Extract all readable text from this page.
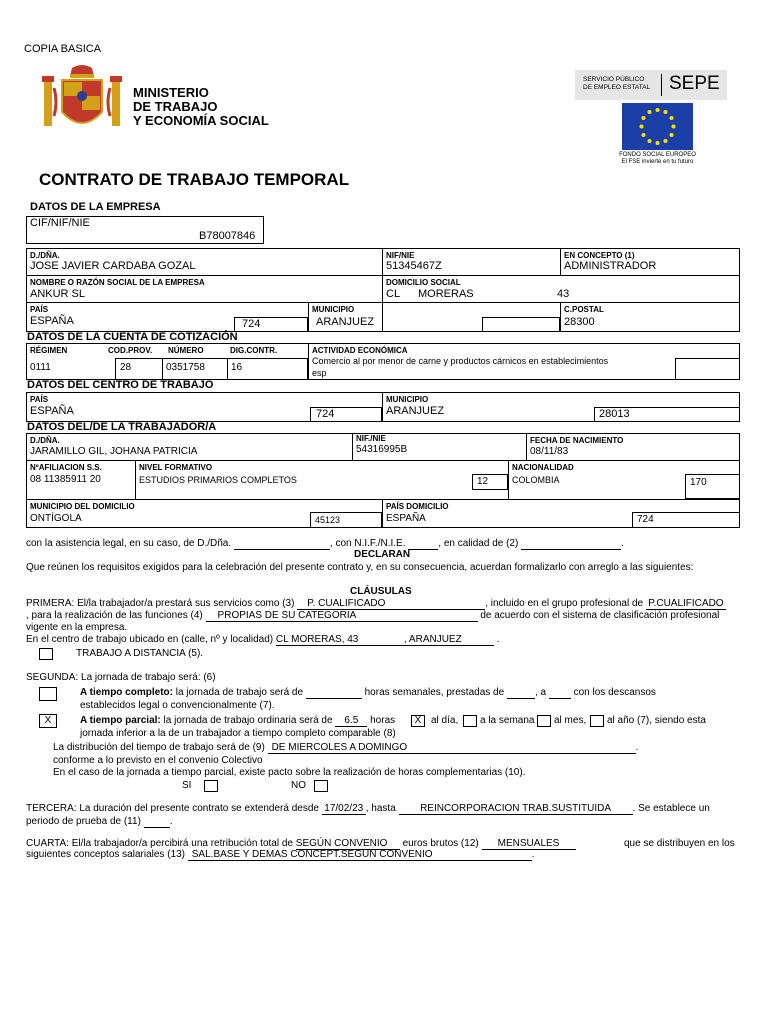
COPIA BASICA
MINISTERIO
DE TRABAJO
Y ECONOMÍA SOCIAL
SERVICIO PÚBLICO
DE EMPLEO ESTATAL SEPE
FONDO SOCIAL EUROPEO
El FSE invierte en tu futuro
CONTRATO DE TRABAJO TEMPORAL
DATOS DE LA EMPRESA
CIF/NIF/NIE
B78007846
D./DÑA.
JOSE JAVIER CARDABA GOZAL
NIF/NIE
51345467Z
EN CONCEPTO (1)
ADMINISTRADOR
NOMBRE O RAZÓN SOCIAL DE LA EMPRESA
ANKUR SL
DOMICILIO SOCIAL
CL MORERAS	43
PAÍS
ESPAÑA	724
MUNICIPIO
ARANJUEZ
C.POSTAL
28300
DATOS DE LA CUENTA DE COTIZACIÓN
RÉGIMEN	COD.PROV. NÚMERO	DIG.CONTR.
0111	28	0351758	16
ACTIVIDAD ECONÓMICA
Comercio al por menor de carne y productos cárnicos en establecimientos
esp
DATOS DEL CENTRO DE TRABAJO
PAÍS
ESPAÑA	724
MUNICIPIO
ARANJUEZ	28013
DATOS DEL/DE LA TRABAJADOR/A
D./DÑA.
JARAMILLO GIL, JOHANA PATRICIA
NIF./NIE
54316995B
FECHA DE NACIMIENTO
08/11/83
NºAFILIACION S.S.
08 11385911 20
NIVEL FORMATIVO
ESTUDIOS PRIMARIOS COMPLETOS	12
NACIONALIDAD
COLOMBIA	170
MUNICIPIO DEL DOMICILIO
ONTÍGOLA	45123
PAÍS DOMICILIO
ESPAÑA	724
con la asistencia legal, en su caso, de D./Dña.	, con N.I.F./N.I.E.	, en calidad de (2)	.
DECLARAN
Que reúnen los requisitos exigidos para la celebración del presente contrato y, en su consecuencia, acuerdan formalizarlo con arreglo a las siguientes:
CLÁUSULAS
PRIMERA: El/la trabajador/a prestará sus servicios como (3) P. CUALIFICADO	, incluido en el grupo profesional de P.CUALIFICADO
, para la realización de las funciones (4) PROPIAS DE SU CATEGORIA	de acuerdo con el sistema de clasificación profesional
vigente en la empresa.
En el centro de trabajo ubicado en (calle, nº y localidad) CL MORERAS, 43	, ARANJUEZ	.
TRABAJO A DISTANCIA (5).
SEGUNDA: La jornada de trabajo será: (6)
A tiempo completo: la jornada de trabajo será de	horas semanales, prestadas de	, a	con los descansos
establecidos legal o convencionalmente (7).
X	A tiempo parcial: la jornada de trabajo ordinaria será de 6.5 horas	X al día, a la semana al mes, al año (7), siendo esta
jornada inferior a la de un trabajador a tiempo completo comparable (8)
La distribución del tiempo de trabajo será de (9) DE MIERCOLES A DOMINGO	.
conforme a lo previsto en el convenio Colectivo
En el caso de la jornada a tiempo parcial, existe pacto sobre la realización de horas complementarias (10).
SI	NO
TERCERA: La duración del presente contrato se extenderá desde 17/02/23 , hasta REINCORPORACION TRAB.SUSTITUIDA . Se establece un
periodo de prueba de (11)	.
CUARTA: El/la trabajador/a percibirá una retribución total de SEGÚN CONVENIO euros brutos (12) MENSUALES	que se distribuyen en los
siguientes conceptos salariales (13) SAL.BASE Y DEMAS CONCEPT.SEGUN CONVENIO	.
